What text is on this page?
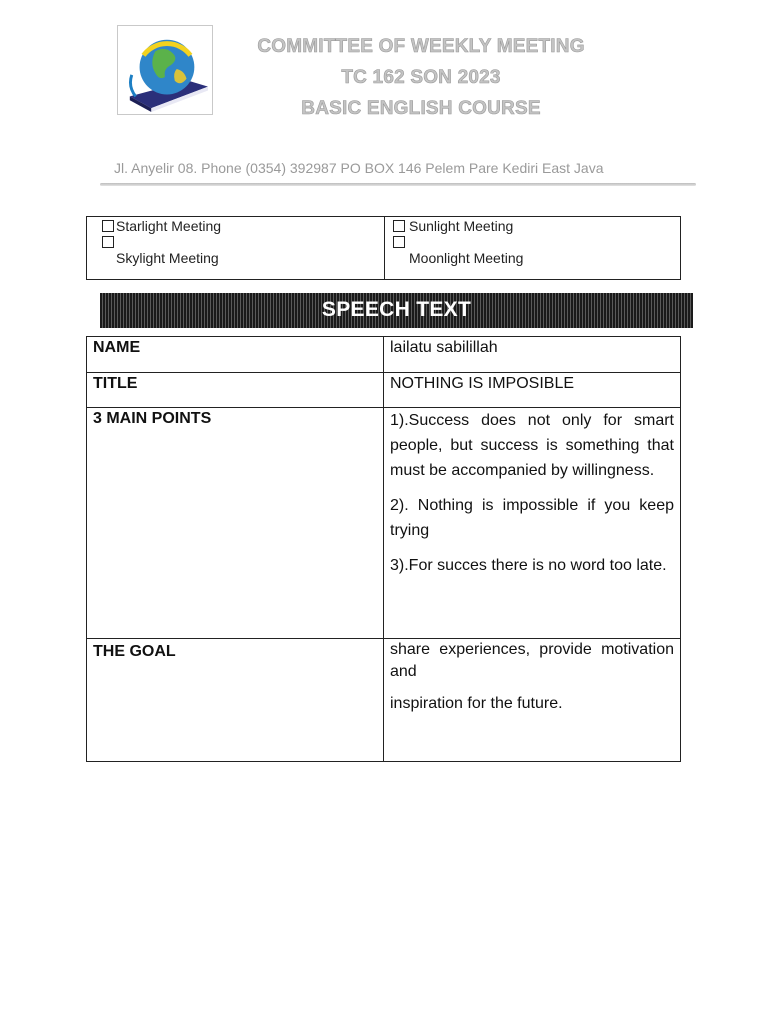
COMMITTEE OF WEEKLY MEETING
TC 162 SON 2023
BASIC ENGLISH COURSE
Jl. Anyelir 08. Phone (0354) 392987 PO BOX 146 Pelem Pare Kediri East Java
Starlight Meeting
Skylight Meeting
Sunlight Meeting
Moonlight Meeting
SPEECH TEXT
NAME	lailatu sabilillah
TITLE	NOTHING IS IMPOSIBLE
3 MAIN POINTS	1).Success does not only for smart people, but success is something that must be accompanied by willingness.

2). Nothing is impossible if you keep trying

3).For succes there is no word too late.

THE GOAL	share experiences, provide motivation and

inspiration for the future.
